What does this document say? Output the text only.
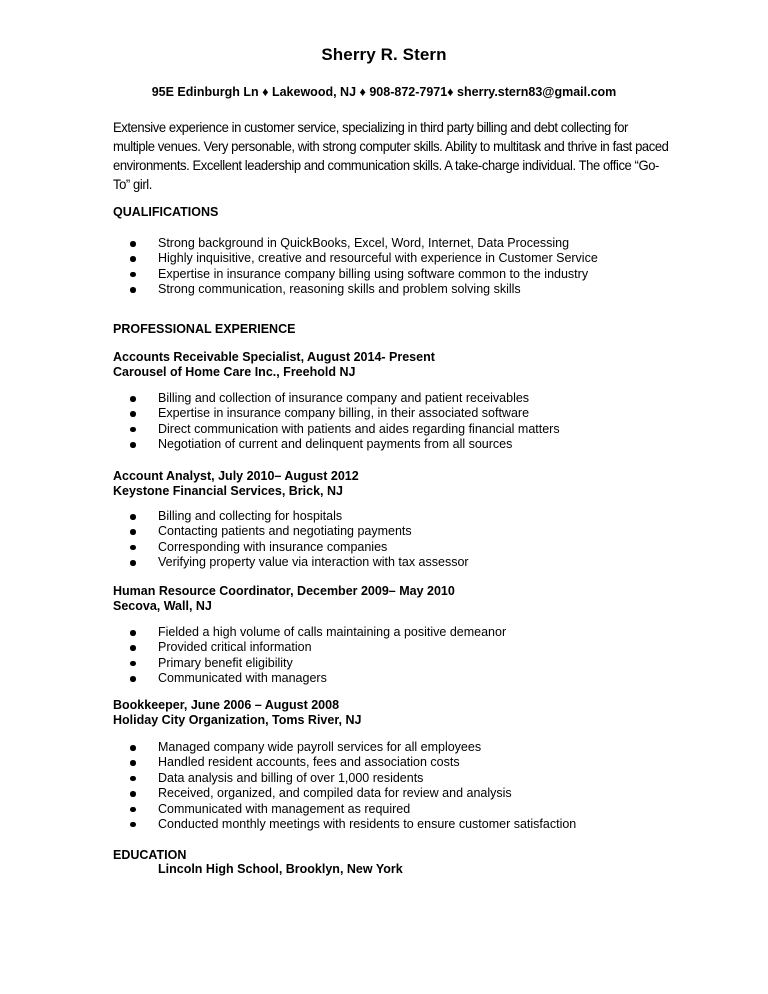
Sherry R. Stern
95E Edinburgh Ln ♦ Lakewood, NJ ♦ 908-872-7971♦ sherry.stern83@gmail.com
Extensive experience in customer service, specializing in third party billing and debt collecting for multiple venues. Very personable, with strong computer skills. Ability to multitask and thrive in fast paced environments. Excellent leadership and communication skills. A take-charge individual. The office “Go-To” girl.
QUALIFICATIONS
Strong background in QuickBooks, Excel, Word, Internet, Data Processing
Highly inquisitive, creative and resourceful with experience in Customer Service
Expertise in insurance company billing using software common to the industry
Strong communication, reasoning skills and problem solving skills
PROFESSIONAL EXPERIENCE
Accounts Receivable Specialist, August 2014- Present
Carousel of Home Care Inc., Freehold NJ
Billing and collection of insurance company and patient receivables
Expertise in insurance company billing, in their associated software
Direct communication with patients and aides regarding financial matters
Negotiation of current and delinquent payments from all sources
Account Analyst, July 2010– August 2012
Keystone Financial Services, Brick, NJ
Billing and collecting for hospitals
Contacting patients and negotiating payments
Corresponding with insurance companies
Verifying property value via interaction with tax assessor
Human Resource Coordinator, December 2009– May 2010
Secova, Wall, NJ
Fielded a high volume of calls maintaining a positive demeanor
Provided critical information
Primary benefit eligibility
Communicated with managers
Bookkeeper, June 2006 – August 2008
Holiday City Organization, Toms River, NJ
Managed company wide payroll services for all employees
Handled resident accounts, fees and association costs
Data analysis and billing of over 1,000 residents
Received, organized, and compiled data for review and analysis
Communicated with management as required
Conducted monthly meetings with residents to ensure customer satisfaction
EDUCATION
Lincoln High School, Brooklyn, New York
